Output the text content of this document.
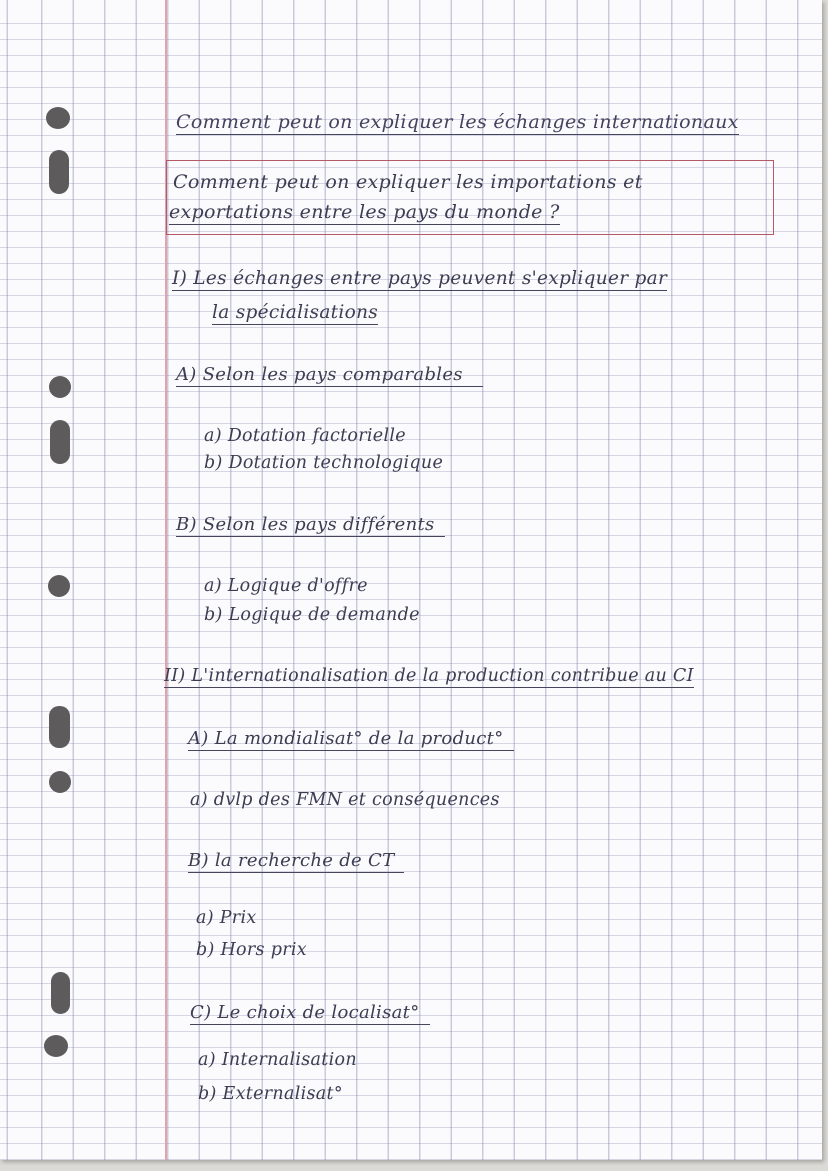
Comment peut on expliquer les échanges internationaux
Comment peut on expliquer les importations et
exportations entre les pays du monde ?
I) Les échanges entre pays peuvent s'expliquer par
la spécialisations
A) Selon les pays comparables
a) Dotation factorielle
b) Dotation technologique
B) Selon les pays différents
a) Logique d'offre
b) Logique de demande
II) L'internationalisation de la production contribue au CI
A) La mondialisat° de la product°
a) dvlp des FMN et conséquences
B) la recherche de CT
a) Prix
b) Hors prix
C) Le choix de localisat°
a) Internalisation
b) Externalisat°
